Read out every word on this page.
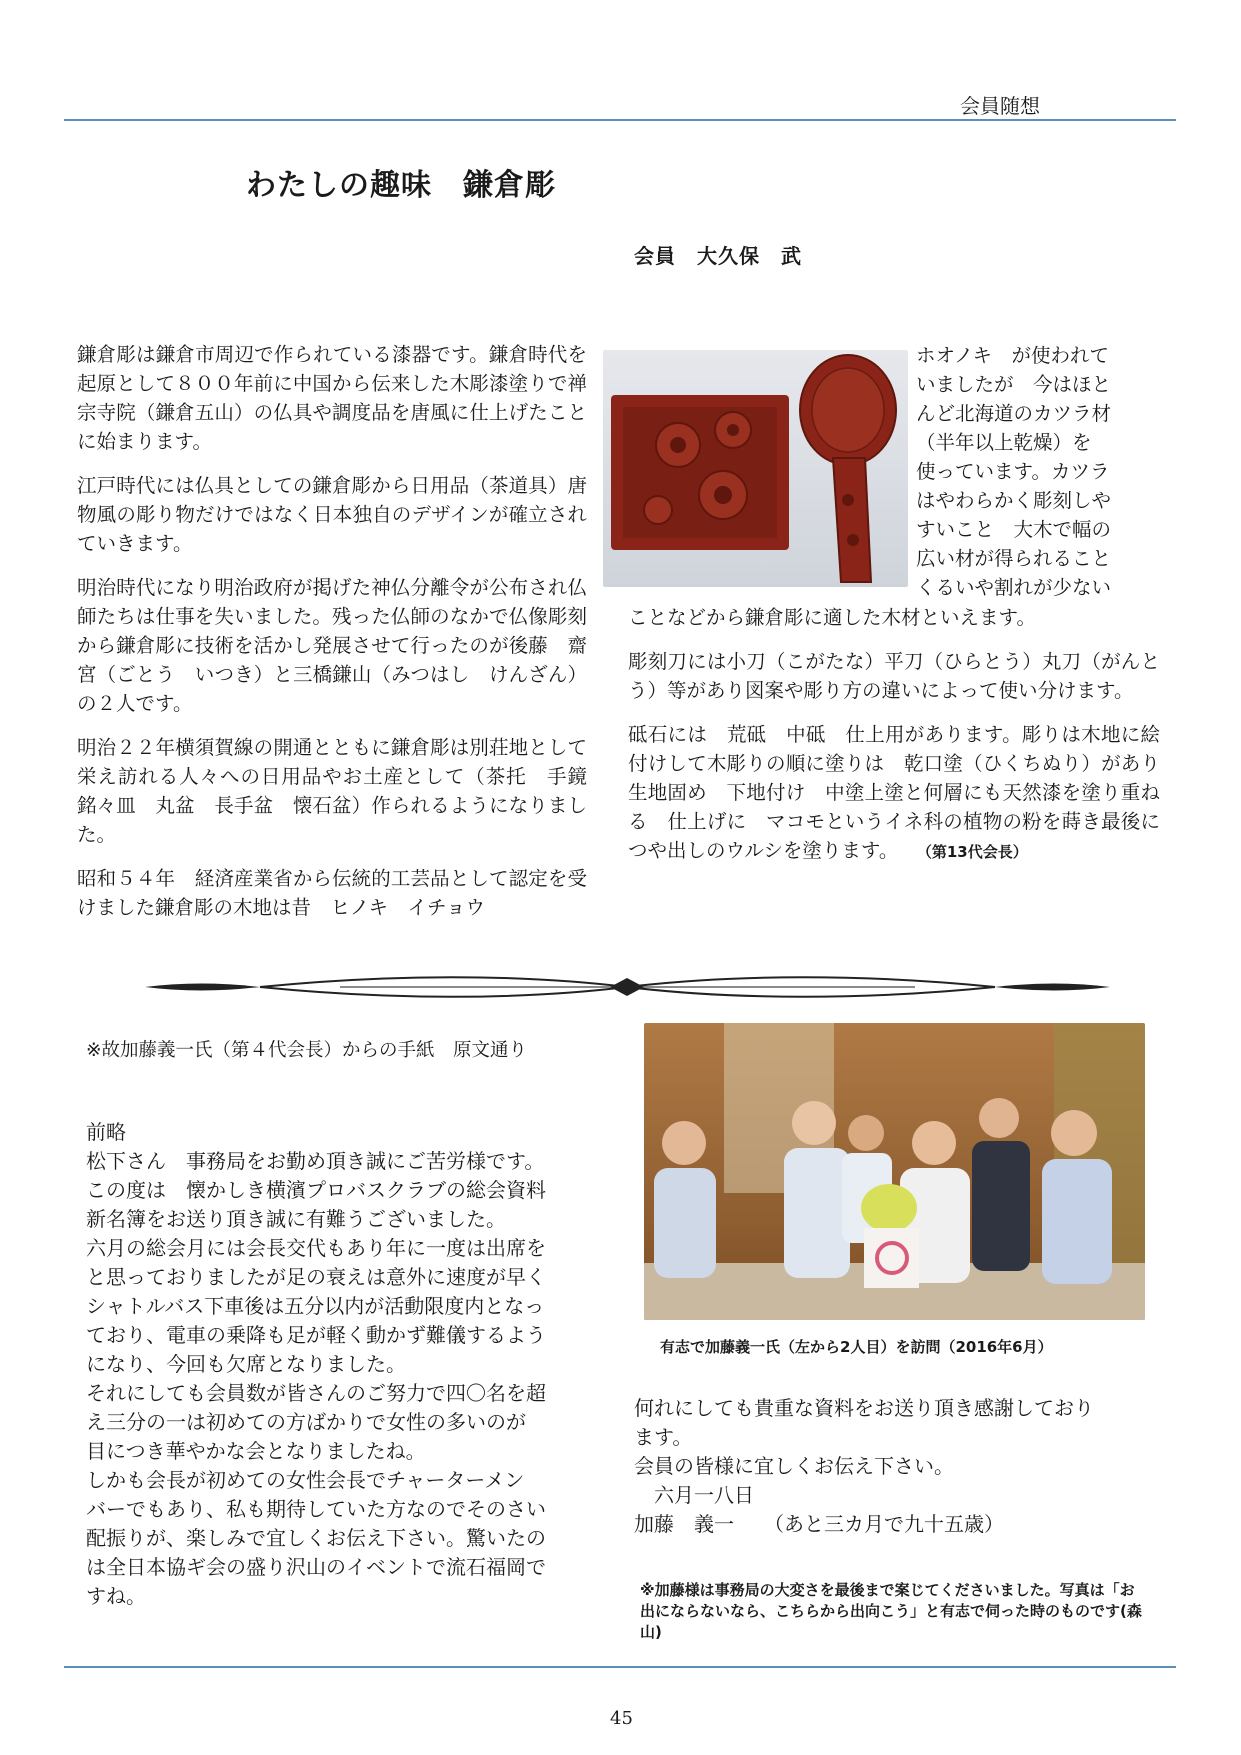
会員随想
わたしの趣味　鎌倉彫
会員　大久保　武

鎌倉彫は鎌倉市周辺で作られている漆器です。鎌倉時代を起原として８００年前に中国から伝来した木彫漆塗りで禅宗寺院（鎌倉五山）の仏具や調度品を唐風に仕上げたことに始まります。

江戸時代には仏具としての鎌倉彫から日用品（茶道具）唐物風の彫り物だけではなく日本独自のデザインが確立されていきます。

明治時代になり明治政府が掲げた神仏分離令が公布され仏師たちは仕事を失いました。残った仏師のなかで仏像彫刻から鎌倉彫に技術を活かし発展させて行ったのが後藤　齋宮（ごとう　いつき）と三橋鎌山（みつはし　けんざん）の２人です。

明治２２年横須賀線の開通とともに鎌倉彫は別荘地として栄え訪れる人々への日用品やお土産として（茶托　手鏡　銘々皿　丸盆　長手盆　懐石盆）作られるようになりました。

昭和５４年　経済産業省から伝統的工芸品として認定を受けました鎌倉彫の木地は昔　ヒノキ　イチョウ

ホオノキ　が使われて

いましたが　今はほと

んど北海道のカツラ材

（半年以上乾燥）を

使っています。カツラ

はやわらかく彫刻しや

すいこと　大木で幅の

広い材が得られること

くるいや割れが少ない

ことなどから鎌倉彫に適した木材といえます。

彫刻刀には小刀（こがたな）平刀（ひらとう）丸刀（がんとう）等があり図案や彫り方の違いによって使い分けます。

砥石には　荒砥　中砥　仕上用があります。彫りは木地に絵付けして木彫りの順に塗りは　乾口塗（ひくちぬり）があり生地固め　下地付け　中塗上塗と何層にも天然漆を塗り重ねる　仕上げに　マコモというイネ科の植物の粉を蒔き最後につや出しのウルシを塗ります。 （第13代会長）

※故加藤義一氏（第４代会長）からの手紙　原文通り
前略
松下さん　事務局をお勤め頂き誠にご苦労様です。
この度は　懐かしき横濱プロバスクラブの総会資料
新名簿をお送り頂き誠に有難うございました。
六月の総会月には会長交代もあり年に一度は出席を
と思っておりましたが足の衰えは意外に速度が早く
シャトルバス下車後は五分以内が活動限度内となっ
ており、電車の乗降も足が軽く動かず難儀するよう
になり、今回も欠席となりました。
それにしても会員数が皆さんのご努力で四〇名を超
え三分の一は初めての方ばかりで女性の多いのが
目につき華やかな会となりましたね。
しかも会長が初めての女性会長でチャーターメン
バーでもあり、私も期待していた方なのでそのさい
配振りが、楽しみで宜しくお伝え下さい。驚いたの
は全日本協ギ会の盛り沢山のイベントで流石福岡で
すね。
有志で加藤義一氏（左から2人目）を訪問（2016年6月）
何れにしても貴重な資料をお送り頂き感謝しており
ます。
会員の皆様に宜しくお伝え下さい。
　六月一八日
加藤　義一　　（あと三カ月で九十五歳）
※加藤様は事務局の大変さを最後まで案じてくださいました。写真は「お出にならないなら、こちらから出向こう」と有志で伺った時のものです(森山)
45
